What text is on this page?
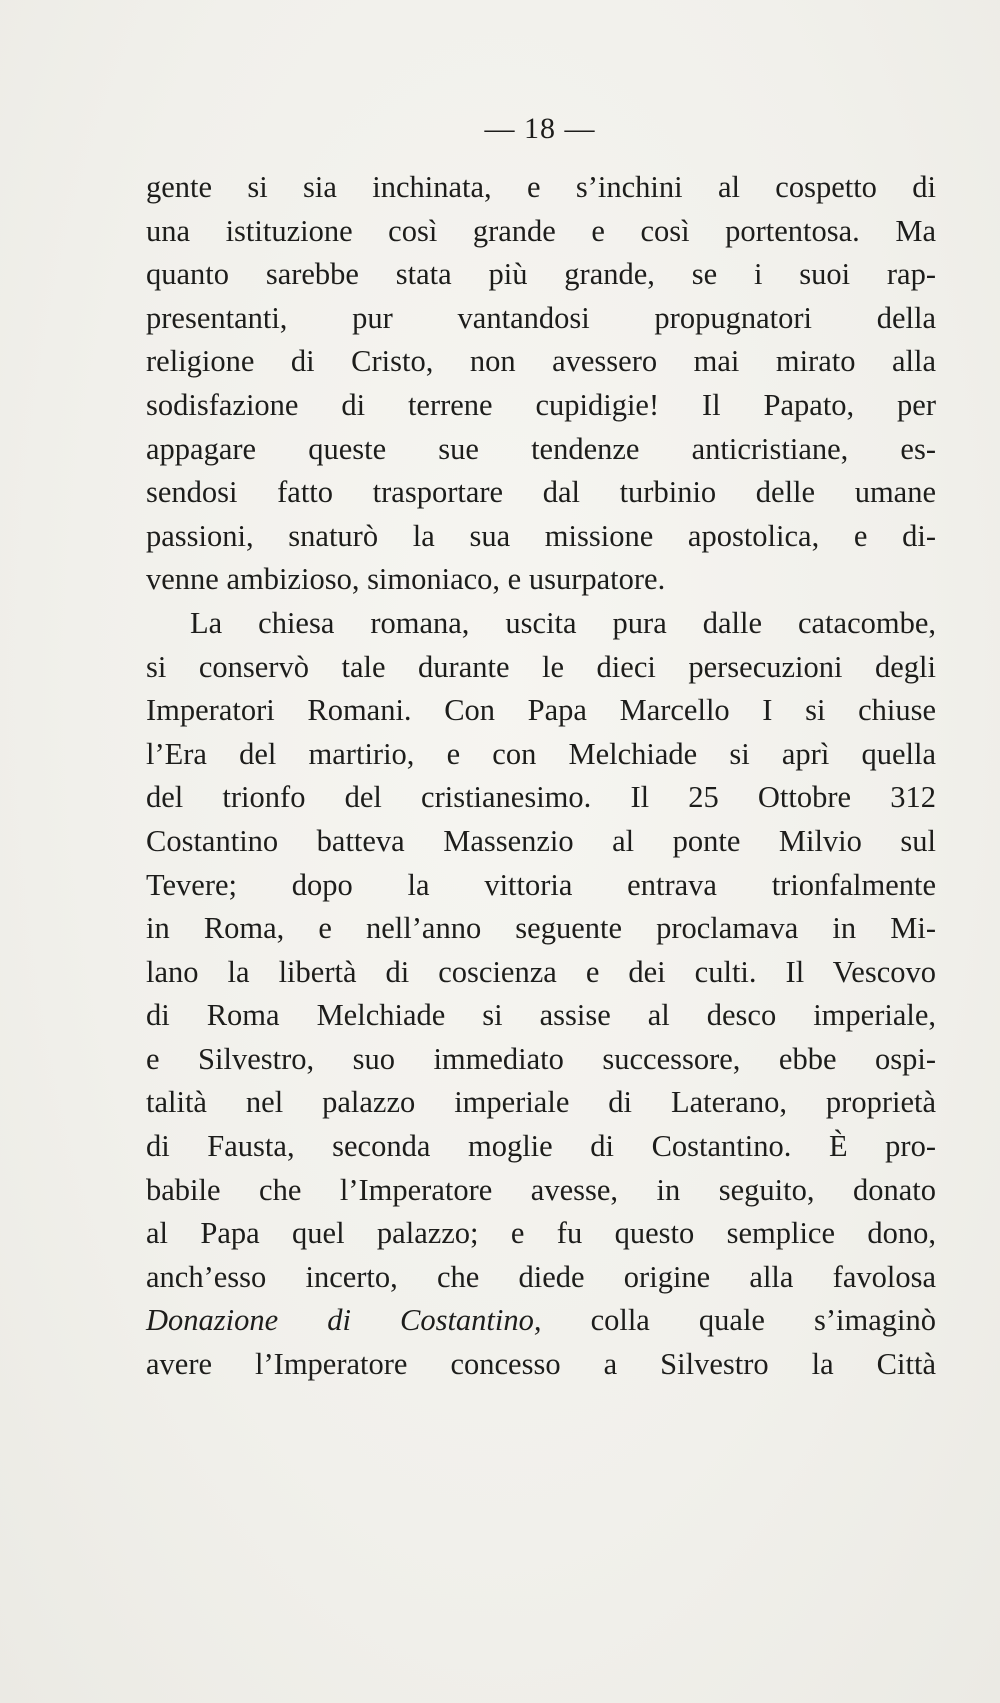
— 18 —
gente si sia inchinata, e s’inchini al cospetto di
una istituzione così grande e così portentosa. Ma
quanto sarebbe stata più grande, se i suoi rap-
presentanti, pur vantandosi propugnatori della
religione di Cristo, non avessero mai mirato alla
sodisfazione di terrene cupidigie! Il Papato, per
appagare queste sue tendenze anticristiane, es-
sendosi fatto trasportare dal turbinio delle umane
passioni, snaturò la sua missione apostolica, e di-
venne ambizioso, simoniaco, e usurpatore.
La chiesa romana, uscita pura dalle catacombe,
si conservò tale durante le dieci persecuzioni degli
Imperatori Romani. Con Papa Marcello I si chiuse
l’Era del martirio, e con Melchiade si aprì quella
del trionfo del cristianesimo. Il 25 Ottobre 312
Costantino batteva Massenzio al ponte Milvio sul
Tevere; dopo la vittoria entrava trionfalmente
in Roma, e nell’anno seguente proclamava in Mi-
lano la libertà di coscienza e dei culti. Il Vescovo
di Roma Melchiade si assise al desco imperiale,
e Silvestro, suo immediato successore, ebbe ospi-
talità nel palazzo imperiale di Laterano, proprietà
di Fausta, seconda moglie di Costantino. È pro-
babile che l’Imperatore avesse, in seguito, donato
al Papa quel palazzo; e fu questo semplice dono,
anch’esso incerto, che diede origine alla favolosa
Donazione di Costantino, colla quale s’imaginò
avere l’Imperatore concesso a Silvestro la Città
